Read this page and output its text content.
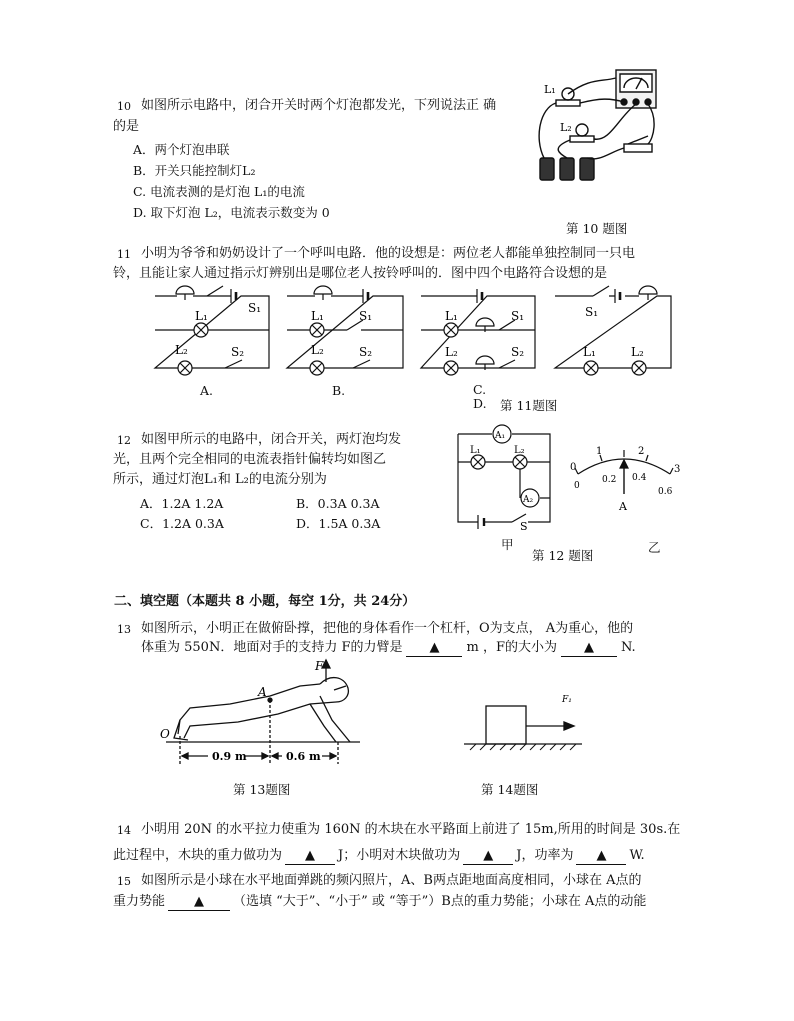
10 如图所示电路中，闭合开关时两个灯泡都发光，下列说法正 确
的是
A．两个灯泡串联
B．开关只能控制灯L₂
C. 电流表测的是灯泡 L₁的电流
D. 取下灯泡 L₂，电流表示数变为 0
L₁
L₂
第 10 题图
11 小明为爷爷和奶奶设计了一个呼叫电路．他的设想是：两位老人都能单独控制同一只电
铃，且能让家人通过指示灯辨别出是哪位老人按铃呼叫的．图中四个电路符合设想的是
S₁
L₁
L₂	S₂
L₁	S₁
L₂	S₂
L₁	S₁
L₂	S₂
S₁
L₁	L₂
A.	B.	C.
D. 第 11题图
12 如图甲所示的电路中，闭合开关，两灯泡均发
光，且两个完全相同的电流表指针偏转均如图乙
所示，通过灯泡L₁和 L₂的电流分别为
A．1.2A 1.2A	B．0.3A 0.3A
C．1.2A 0.3A	D．1.5A 0.3A
A₁
A₂
L₁	L₂
S
0
1	2
3
0
0.2 0.4
0.6
A
甲
第 12 题图
乙
二、填空题（本题共 8 小题，每空 1分，共 24分）
13 如图所示，小明正在做俯卧撑，把他的身体看作一个杠杆，O为支点， A为重心，他的
体重为 550N．地面对手的支持力 F的力臂是 ▲ m ，F的大小为 ▲ N.
F
A
O
0.9 m	0.6 m
第 13题图
F₁
第 14题图
14 小明用 20N 的水平拉力使重为 160N 的木块在水平路面上前进了 15m,所用的时间是 30s.在
此过程中，木块的重力做功为 ▲ J；小明对木块做功为 ▲ J，功率为 ▲ W.
15 如图所示是小球在水平地面弹跳的频闪照片，A、B两点距地面高度相同，小球在 A点的
重力势能 ▲ （选填 “大于”、“小于” 或 “等于”）B点的重力势能；小球在 A点的动能
